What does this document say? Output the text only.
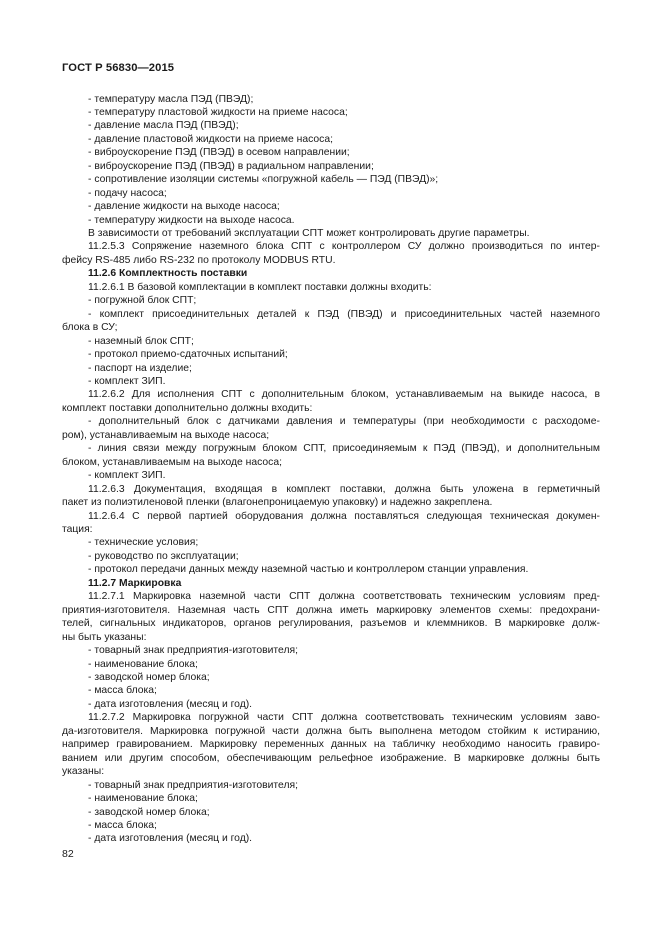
ГОСТ Р 56830—2015
- температуру масла ПЭД (ПВЭД);
- температуру пластовой жидкости на приеме насоса;
- давление масла ПЭД (ПВЭД);
- давление пластовой жидкости на приеме насоса;
- виброускорение ПЭД (ПВЭД) в осевом направлении;
- виброускорение ПЭД (ПВЭД) в радиальном направлении;
- сопротивление изоляции системы «погружной кабель — ПЭД (ПВЭД)»;
- подачу насоса;
- давление жидкости на выходе насоса;
- температуру жидкости на выходе насоса.
В зависимости от требований эксплуатации СПТ может контролировать другие параметры.
11.2.5.3 Сопряжение наземного блока СПТ с контроллером СУ должно производиться по интер-
фейсу RS-485 либо RS-232 по протоколу MODBUS RTU.
11.2.6 Комплектность поставки
11.2.6.1 В базовой комплектации в комплект поставки должны входить:
- погружной блок СПТ;
- комплект присоединительных деталей к ПЭД (ПВЭД) и присоединительных частей наземного
блока в СУ;
- наземный блок СПТ;
- протокол приемо-сдаточных испытаний;
- паспорт на изделие;
- комплект ЗИП.
11.2.6.2 Для исполнения СПТ с дополнительным блоком, устанавливаемым на выкиде насоса, в
комплект поставки дополнительно должны входить:
- дополнительный блок с датчиками давления и температуры (при необходимости с расходоме-
ром), устанавливаемым на выходе насоса;
- линия связи между погружным блоком СПТ, присоединяемым к ПЭД (ПВЭД), и дополнительным
блоком, устанавливаемым на выходе насоса;
- комплект ЗИП.
11.2.6.3 Документация, входящая в комплект поставки, должна быть уложена в герметичный
пакет из полиэтиленовой пленки (влагонепроницаемую упаковку) и надежно закреплена.
11.2.6.4 С первой партией оборудования должна поставляться следующая техническая докумен-
тация:
- технические условия;
- руководство по эксплуатации;
- протокол передачи данных между наземной частью и контроллером станции управления.
11.2.7 Маркировка
11.2.7.1 Маркировка наземной части СПТ должна соответствовать техническим условиям пред-
приятия-изготовителя. Наземная часть СПТ должна иметь маркировку элементов схемы: предохрани-
телей, сигнальных индикаторов, органов регулирования, разъемов и клеммников. В маркировке долж-
ны быть указаны:
- товарный знак предприятия-изготовителя;
- наименование блока;
- заводской номер блока;
- масса блока;
- дата изготовления (месяц и год).
11.2.7.2 Маркировка погружной части СПТ должна соответствовать техническим условиям заво-
да-изготовителя. Маркировка погружной части должна быть выполнена методом стойким к истиранию,
например гравированием. Маркировку переменных данных на табличку необходимо наносить гравиро-
ванием или другим способом, обеспечивающим рельефное изображение. В маркировке должны быть
указаны:
- товарный знак предприятия-изготовителя;
- наименование блока;
- заводской номер блока;
- масса блока;
- дата изготовления (месяц и год).
82
